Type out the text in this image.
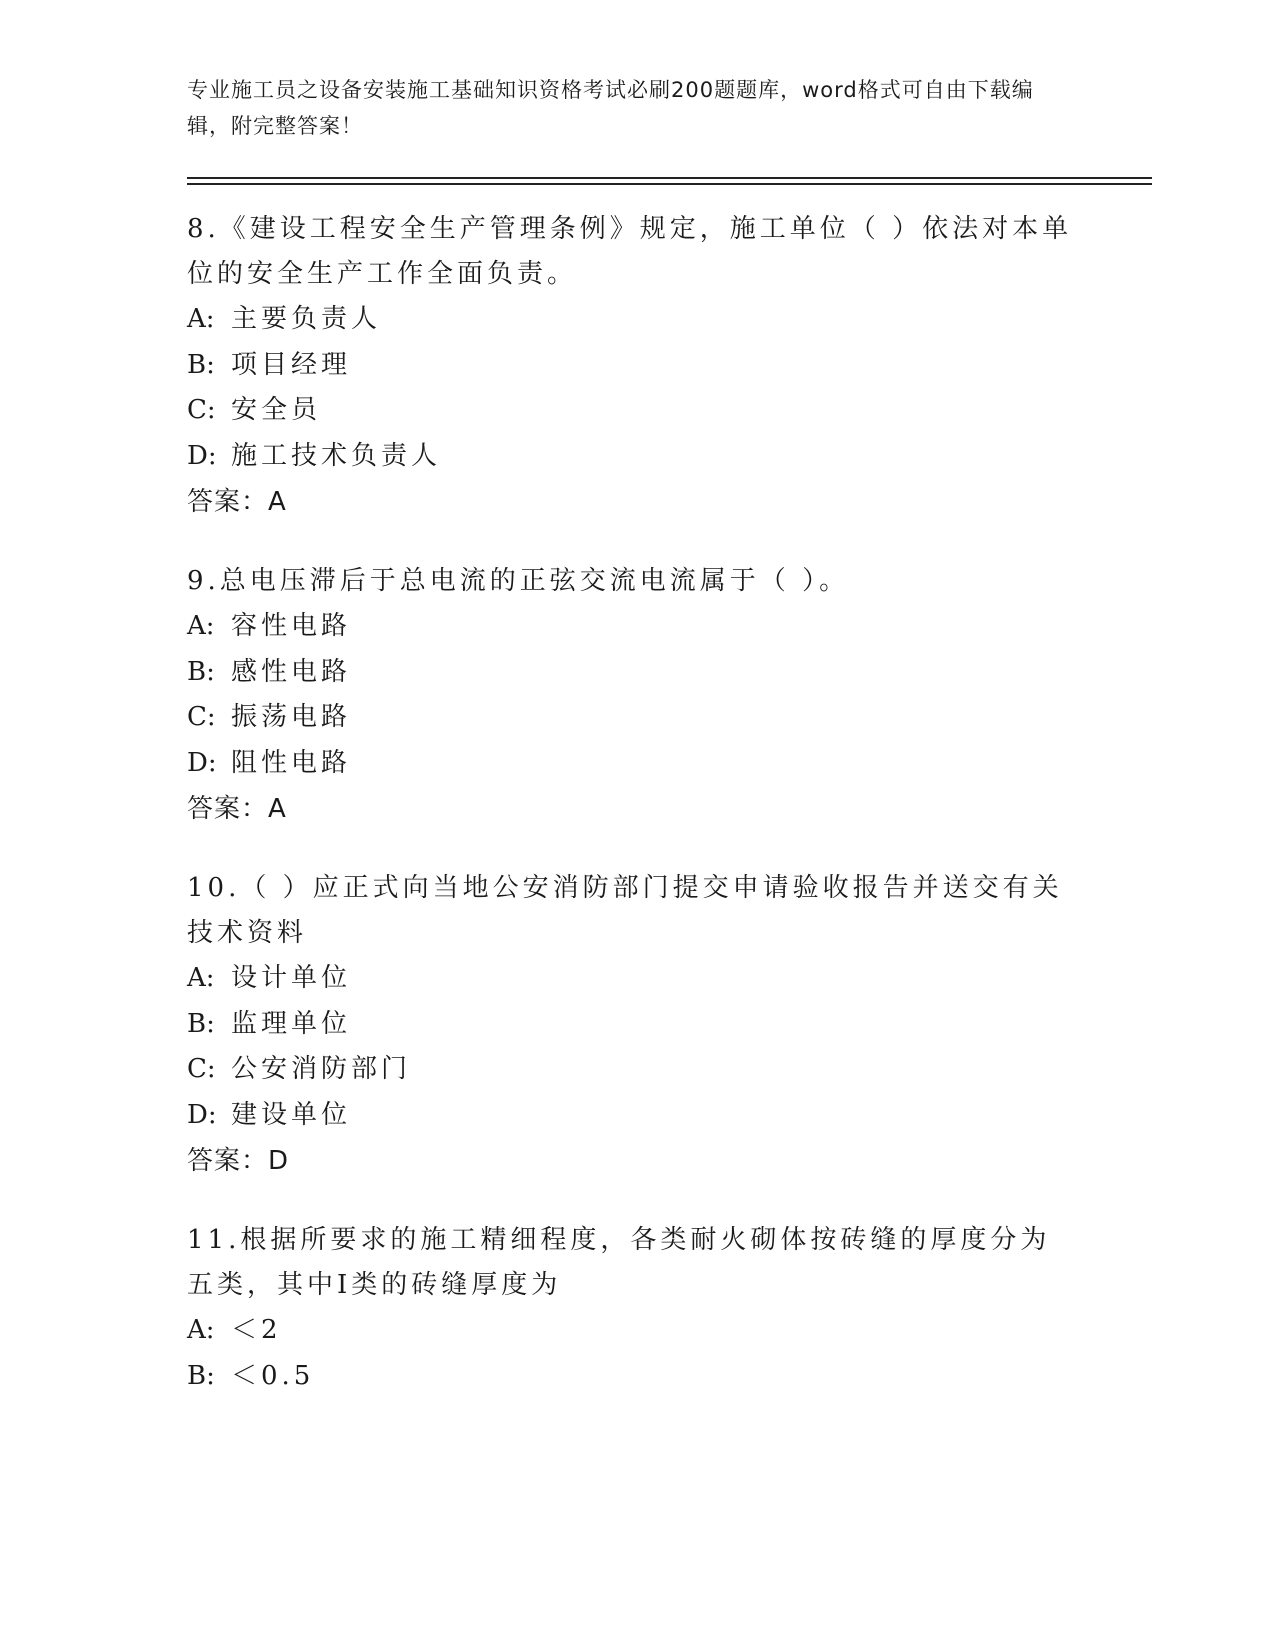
专业施工员之设备安装施工基础知识资格考试必刷200题题库，word格式可自由下载编辑，附完整答案！
8.《建设工程安全生产管理条例》规定，施工单位（ ）依法对本单位的安全生产工作全面负责。
A: 主要负责人
B: 项目经理
C: 安全员
D: 施工技术负责人
答案：A
9.总电压滞后于总电流的正弦交流电流属于（ ）。
A: 容性电路
B: 感性电路
C: 振荡电路
D: 阻性电路
答案：A
10.（ ）应正式向当地公安消防部门提交申请验收报告并送交有关技术资料
A: 设计单位
B: 监理单位
C: 公安消防部门
D: 建设单位
答案：D
11.根据所要求的施工精细程度，各类耐火砌体按砖缝的厚度分为五类，其中Ⅰ类的砖缝厚度为
A: ＜2
B: ＜0.5
